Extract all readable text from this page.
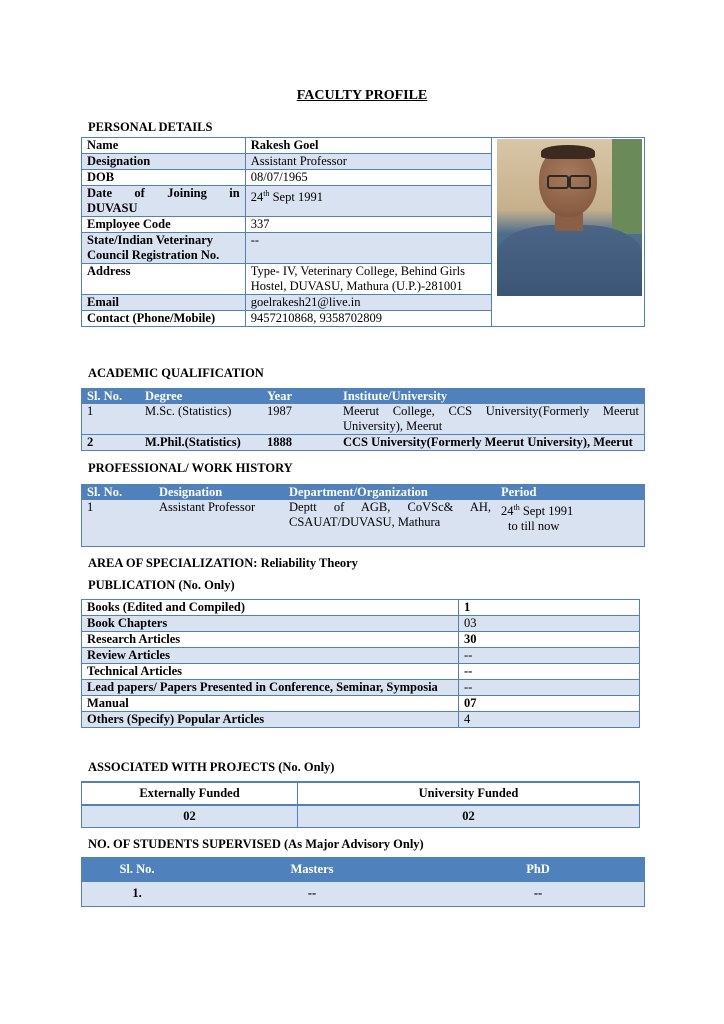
FACULTY PROFILE
PERSONAL DETAILS
Name	Rakesh Goel	

Designation	Assistant Professor	
DOB	08/07/1965	

Date of Joining in
DUVASU	24th Sept 1991	
Employee Code	337	
State/Indian Veterinary Council Registration No.	--	
Address	Type- IV, Veterinary College, Behind Girls Hostel, DUVASU, Mathura (U.P.)-281001	
Email	goelrakesh21@live.in	
Contact (Phone/Mobile)	9457210868, 9358702809	
ACADEMIC QUALIFICATION
Sl. No.	Degree	Year	Institute/University
1	M.Sc. (Statistics)	1987	Meerut College, CCS University(Formerly Meerut University), Meerut
2	M.Phil.(Statistics)	1888	CCS University(Formerly Meerut University), Meerut
PROFESSIONAL/ WORK HISTORY
Sl. No.	Designation	Department/Organization	Period
1	Assistant Professor	Deptt of AGB, CoVSc& AH, CSAUAT/DUVASU, Mathura	24th Sept 1991
to till now
AREA OF SPECIALIZATION: Reliability Theory
PUBLICATION (No. Only)
Books (Edited and Compiled)	1
Book Chapters	03
Research Articles	30
Review Articles	--
Technical Articles	--
Lead papers/ Papers Presented in Conference, Seminar, Symposia	--
Manual	07
Others (Specify) Popular Articles	4
ASSOCIATED WITH PROJECTS (No. Only)
Externally Funded	University Funded
02	02
NO. OF STUDENTS SUPERVISED (As Major Advisory Only)
Sl. No.	Masters	PhD
1.	--	--
